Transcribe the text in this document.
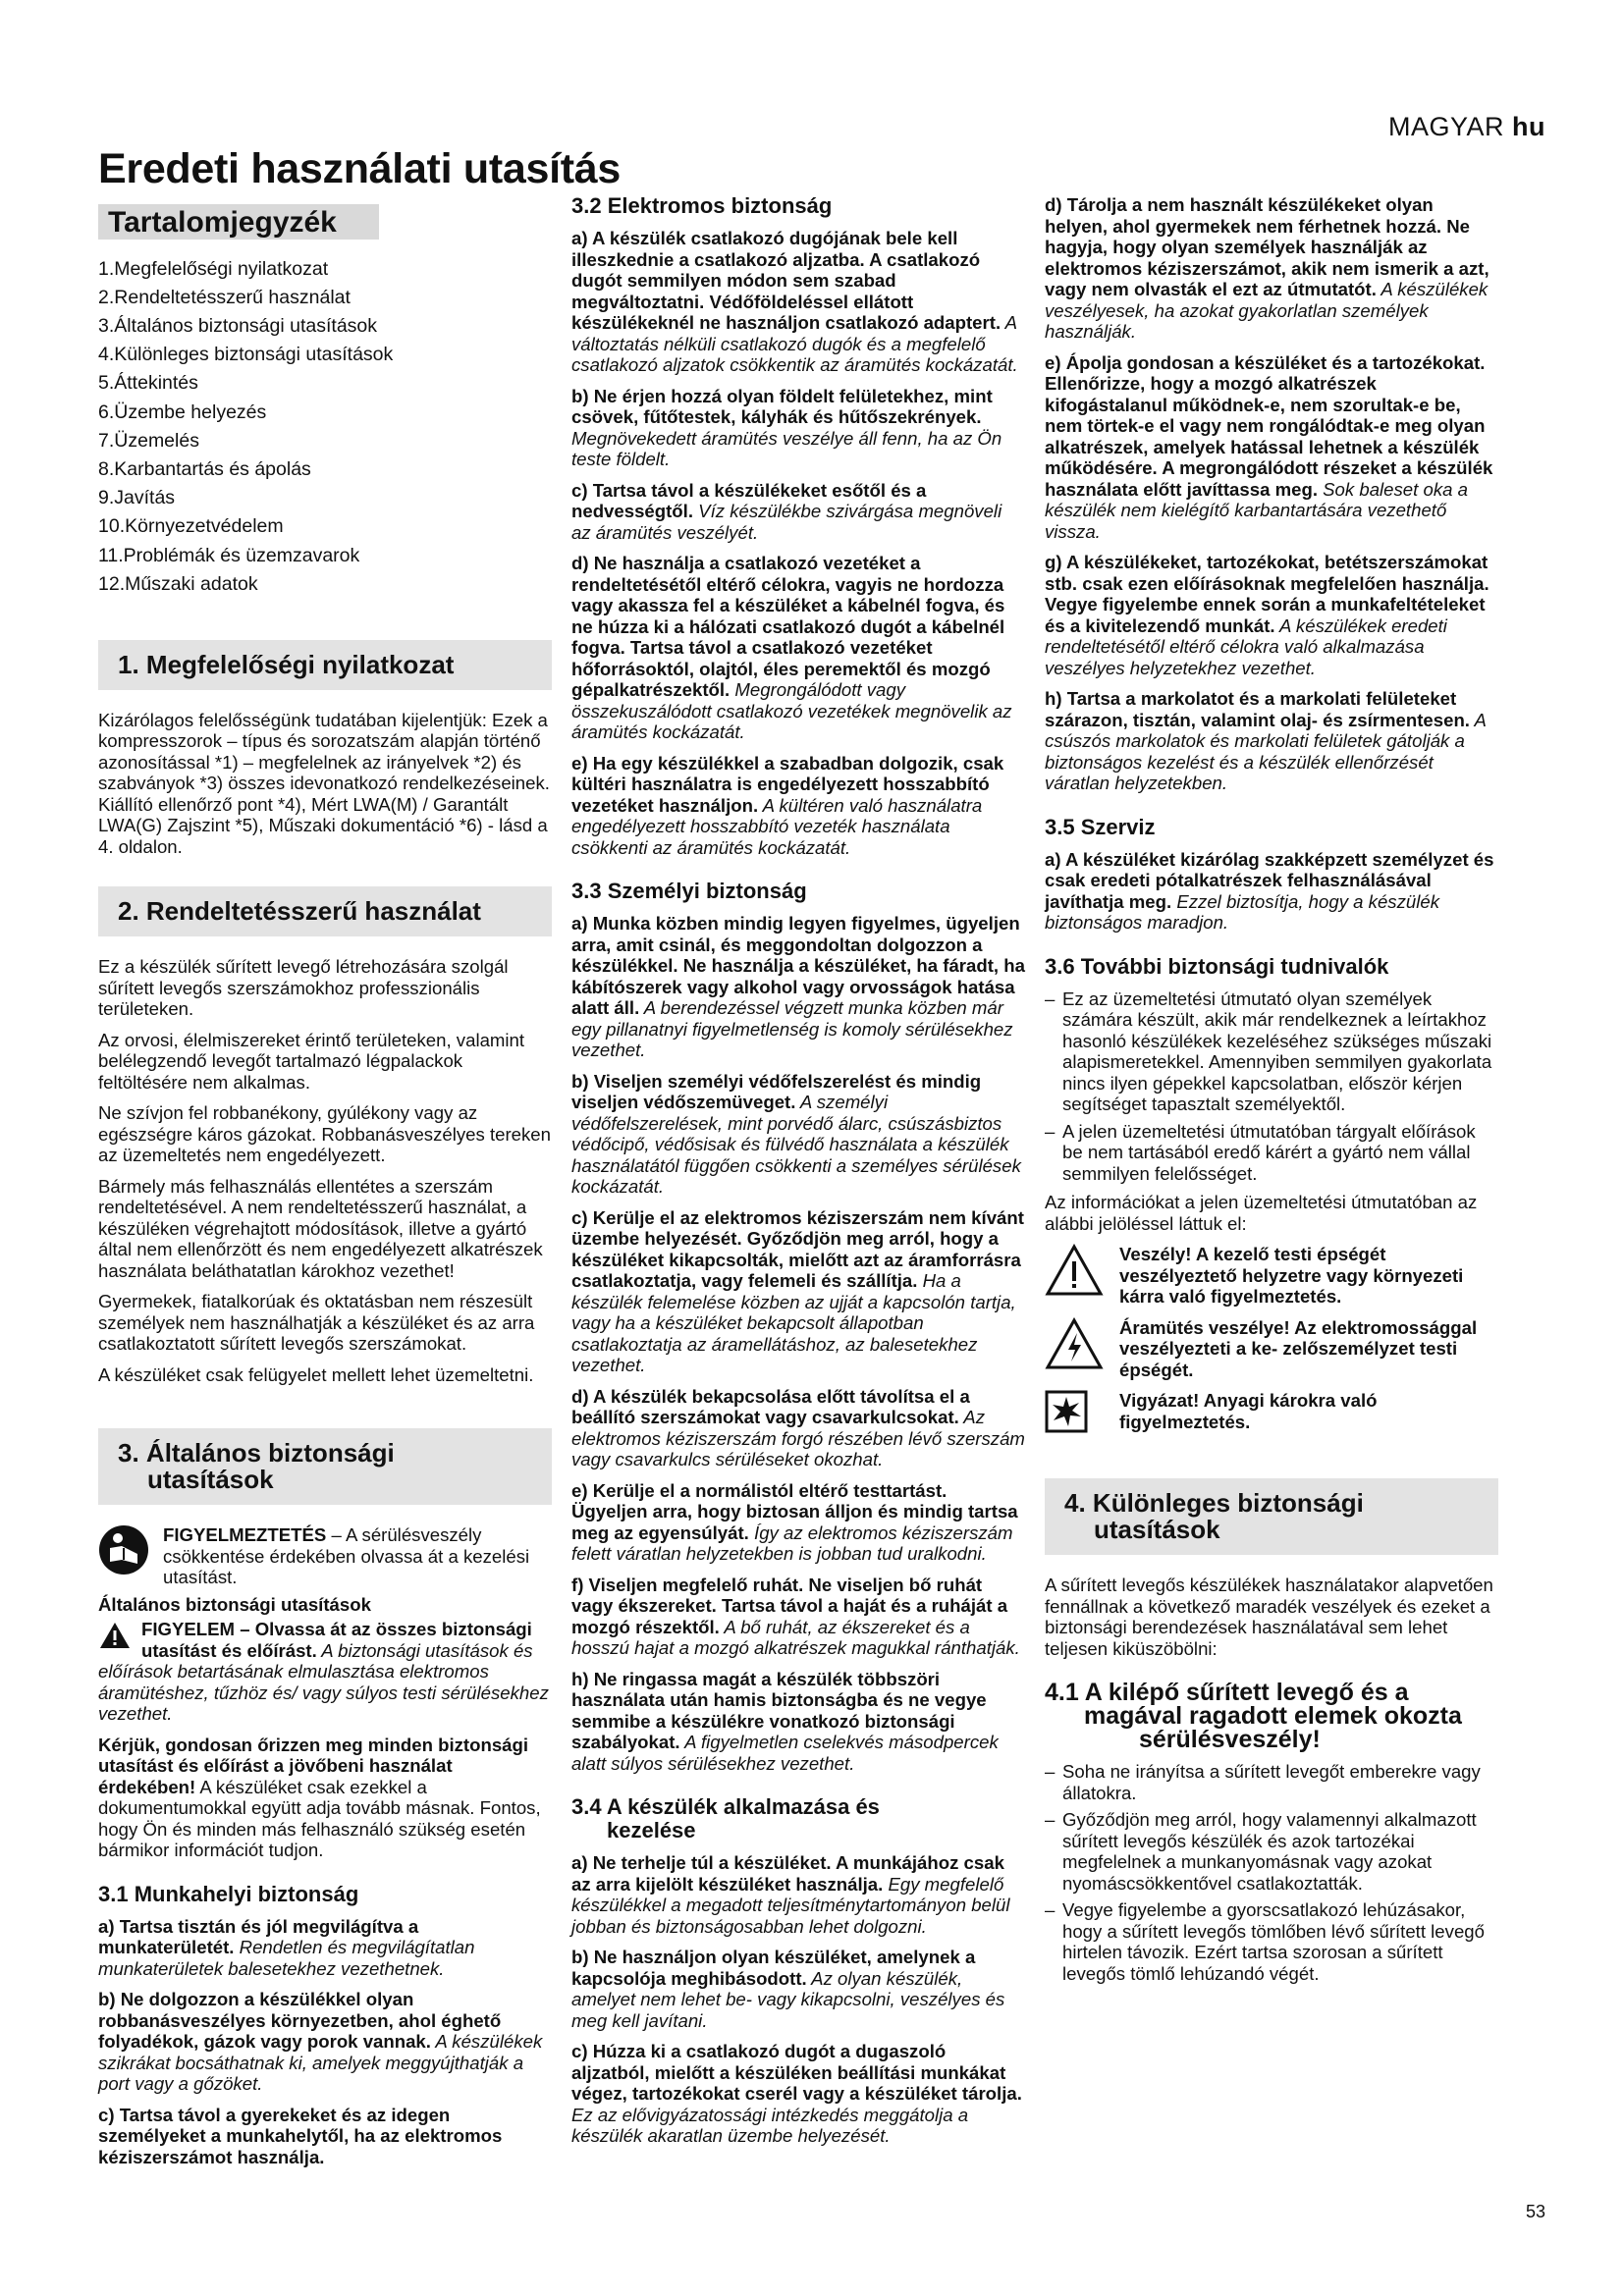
MAGYAR hu
Eredeti használati utasítás
Tartalomjegyzék
1.Megfelelőségi nyilatkozat
2.Rendeltetésszerű használat
3.Általános biztonsági utasítások
4.Különleges biztonsági utasítások
5.Áttekintés
6.Üzembe helyezés
7.Üzemelés
8.Karbantartás és ápolás
9.Javítás
10.Környezetvédelem
11.Problémák és üzemzavarok
12.Műszaki adatok
1. Megfelelőségi nyilatkozat

Kizárólagos felelősségünk tudatában kijelentjük: Ezek a kompresszorok – típus és sorozatszám alapján történő azonosítással *1) – megfelelnek az irányelvek *2) és szabványok *3) összes idevonatkozó rendelkezéseinek. Kiállító ellenőrző pont *4), Mért LWA(M) / Garantált LWA(G) Zajszint *5), Műszaki dokumentáció *6) - lásd a 4. oldalon.

2. Rendeltetésszerű használat

Ez a készülék sűrített levegő létrehozására szolgál sűrített levegős szerszámokhoz professzionális területeken.

Az orvosi, élelmiszereket érintő területeken, valamint belélegzendő levegőt tartalmazó légpalackok feltöltésére nem alkalmas.

Ne szívjon fel robbanékony, gyúlékony vagy az egészségre káros gázokat. Robbanásveszélyes tereken az üzemeltetés nem engedélyezett.

Bármely más felhasználás ellentétes a szerszám rendeltetésével. A nem rendeltetésszerű használat, a készüléken végrehajtott módosítások, illetve a gyártó által nem ellenőrzött és nem engedélyezett alkatrészek használata beláthatatlan károkhoz vezethet!

Gyermekek, fiatalkorúak és oktatásban nem részesült személyek nem használhatják a készüléket és az arra csatlakoztatott sűrített levegős szerszámokat.

A készüléket csak felügyelet mellett lehet üzemeltetni.

3. Általános biztonsági
utasítások
FIGYELMEZTETÉS – A sérülésveszély csökkentése érdekében olvassa át a kezelési utasítást.

Általános biztonsági utasítások

FIGYELEM – Olvassa át az összes biztonsági utasítást és előírást. A biztonsági utasítások és előírások betartásának elmulasztása elektromos áramütéshez, tűzhöz és/ vagy súlyos testi sérülésekhez vezethet.

Kérjük, gondosan őrizzen meg minden biztonsági utasítást és előírást a jövőbeni használat érdekében! A készüléket csak ezekkel a dokumentumokkal együtt adja tovább másnak. Fontos, hogy Ön és minden más felhasználó szükség esetén bármikor információt tudjon.

3.1 Munkahelyi biztonság

a) Tartsa tisztán és jól megvilágítva a munkaterületét. Rendetlen és megvilágítatlan munkaterületek balesetekhez vezethetnek.

b) Ne dolgozzon a készülékkel olyan robbanásveszélyes környezetben, ahol éghető folyadékok, gázok vagy porok vannak. A készülékek szikrákat bocsáthatnak ki, amelyek meggyújthatják a port vagy a gőzöket.

c) Tartsa távol a gyerekeket és az idegen személyeket a munkahelytől, ha az elektromos kéziszerszámot használja.

3.2 Elektromos biztonság

a) A készülék csatlakozó dugójának bele kell illeszkednie a csatlakozó aljzatba. A csatlakozó dugót semmilyen módon sem szabad megváltoztatni. Védőföldeléssel ellátott készülékeknél ne használjon csatlakozó adaptert. A változtatás nélküli csatlakozó dugók és a megfelelő csatlakozó aljzatok csökkentik az áramütés kockázatát.

b) Ne érjen hozzá olyan földelt felületekhez, mint csövek, fűtőtestek, kályhák és hűtőszekrények. Megnövekedett áramütés veszélye áll fenn, ha az Ön teste földelt.

c) Tartsa távol a készülékeket esőtől és a nedvességtől. Víz készülékbe szivárgása megnöveli az áramütés veszélyét.

d) Ne használja a csatlakozó vezetéket a rendeltetésétől eltérő célokra, vagyis ne hordozza vagy akassza fel a készüléket a kábelnél fogva, és ne húzza ki a hálózati csatlakozó dugót a kábelnél fogva. Tartsa távol a csatlakozó vezetéket hőforrásoktól, olajtól, éles peremektől és mozgó gépalkatrészektől. Megrongálódott vagy összekuszálódott csatlakozó vezetékek megnövelik az áramütés kockázatát.

e) Ha egy készülékkel a szabadban dolgozik, csak kültéri használatra is engedélyezett hosszabbító vezetéket használjon. A kültéren való használatra engedélyezett hosszabbító vezeték használata csökkenti az áramütés kockázatát.

3.3 Személyi biztonság

a) Munka közben mindig legyen figyelmes, ügyeljen arra, amit csinál, és meggondoltan dolgozzon a készülékkel. Ne használja a készüléket, ha fáradt, ha kábítószerek vagy alkohol vagy orvosságok hatása alatt áll. A berendezéssel végzett munka közben már egy pillanatnyi figyelmetlenség is komoly sérülésekhez vezethet.

b) Viseljen személyi védőfelszerelést és mindig viseljen védőszemüveget. A személyi védőfelszerelések, mint porvédő álarc, csúszásbiztos védőcipő, védősisak és fülvédő használata a készülék használatától függően csökkenti a személyes sérülések kockázatát.

c) Kerülje el az elektromos kéziszerszám nem kívánt üzembe helyezését. Győződjön meg arról, hogy a készüléket kikapcsolták, mielőtt azt az áramforrásra csatlakoztatja, vagy felemeli és szállítja. Ha a készülék felemelése közben az ujját a kapcsolón tartja, vagy ha a készüléket bekapcsolt állapotban csatlakoztatja az áramellátáshoz, az balesetekhez vezethet.

d) A készülék bekapcsolása előtt távolítsa el a beállító szerszámokat vagy csavarkulcsokat. Az elektromos kéziszerszám forgó részében lévő szerszám vagy csavarkulcs sérüléseket okozhat.

e) Kerülje el a normálistól eltérő testtartást. Ügyeljen arra, hogy biztosan álljon és mindig tartsa meg az egyensúlyát. Így az elektromos kéziszerszám felett váratlan helyzetekben is jobban tud uralkodni.

f) Viseljen megfelelő ruhát. Ne viseljen bő ruhát vagy ékszereket. Tartsa távol a haját és a ruháját a mozgó részektől. A bő ruhát, az ékszereket és a hosszú hajat a mozgó alkatrészek magukkal ránthatják.

h) Ne ringassa magát a készülék többszöri használata után hamis biztonságba és ne vegye semmibe a készülékre vonatkozó biztonsági szabályokat. A figyelmetlen cselekvés másodpercek alatt súlyos sérülésekhez vezethet.

3.4 A készülék alkalmazása és
kezelése

a) Ne terhelje túl a készüléket. A munkájához csak az arra kijelölt készüléket használja. Egy megfelelő készülékkel a megadott teljesítménytartományon belül jobban és biztonságosabban lehet dolgozni.

b) Ne használjon olyan készüléket, amelynek a kapcsolója meghibásodott. Az olyan készülék, amelyet nem lehet be- vagy kikapcsolni, veszélyes és meg kell javítani.

c) Húzza ki a csatlakozó dugót a dugaszoló aljzatból, mielőtt a készüléken beállítási munkákat végez, tartozékokat cserél vagy a készüléket tárolja. Ez az elővigyázatossági intézkedés meggátolja a készülék akaratlan üzembe helyezését.

d) Tárolja a nem használt készülékeket olyan helyen, ahol gyermekek nem férhetnek hozzá. Ne hagyja, hogy olyan személyek használják az elektromos kéziszerszámot, akik nem ismerik a azt, vagy nem olvasták el ezt az útmutatót. A készülékek veszélyesek, ha azokat gyakorlatlan személyek használják.

e) Ápolja gondosan a készüléket és a tartozékokat. Ellenőrizze, hogy a mozgó alkatrészek kifogástalanul működnek-e, nem szorultak-e be, nem törtek-e el vagy nem rongálódtak-e meg olyan alkatrészek, amelyek hatással lehetnek a készülék működésére. A megrongálódott részeket a készülék használata előtt javíttassa meg. Sok baleset oka a készülék nem kielégítő karbantartására vezethető vissza.

g) A készülékeket, tartozékokat, betétszerszámokat stb. csak ezen előírásoknak megfelelően használja. Vegye figyelembe ennek során a munkafeltételeket és a kivitelezendő munkát. A készülékek eredeti rendeltetésétől eltérő célokra való alkalmazása veszélyes helyzetekhez vezethet.

h) Tartsa a markolatot és a markolati felületeket szárazon, tisztán, valamint olaj- és zsírmentesen. A csúszós markolatok és markolati felületek gátolják a biztonságos kezelést és a készülék ellenőrzését váratlan helyzetekben.

3.5 Szerviz

a) A készüléket kizárólag szakképzett személyzet és csak eredeti pótalkatrészek felhasználásával javíthatja meg. Ezzel biztosítja, hogy a készülék biztonságos maradjon.

3.6 További biztonsági tudnivalók
– Ez az üzemeltetési útmutató olyan személyek számára készült, akik már rendelkeznek a leírtakhoz hasonló készülékek kezeléséhez szükséges műszaki alapismeretekkel. Amennyiben semmilyen gyakorlata nincs ilyen gépekkel kapcsolatban, először kérjen segítséget tapasztalt személyektől.
– A jelen üzemeltetési útmutatóban tárgyalt előírások be nem tartásából eredő kárért a gyártó nem vállal semmilyen felelősséget.

Az információkat a jelen üzemeltetési útmutatóban az alábbi jelöléssel láttuk el:

Veszély! A kezelő testi épségét veszélyeztető helyzetre vagy környezeti kárra való figyelmeztetés.
Áramütés veszélye! Az elektromossággal veszélyezteti a ke- zelőszemélyzet testi épségét.
Vigyázat! Anyagi károkra való figyelmeztetés.
4. Különleges biztonsági
utasítások

A sűrített levegős készülékek használatakor alapvetően fennállnak a következő maradék veszélyek és ezeket a biztonsági berendezések használatával sem lehet teljesen kiküszöbölni:

4.1 A kilépő sűrített levegő és a
magával ragadott elemek okozta
sérülésveszély!
– Soha ne irányítsa a sűrített levegőt emberekre vagy állatokra.
– Győződjön meg arról, hogy valamennyi alkalmazott sűrített levegős készülék és azok tartozékai megfelelnek a munkanyomásnak vagy azokat nyomáscsökkentővel csatlakoztatták.
– Vegye figyelembe a gyorscsatlakozó lehúzásakor, hogy a sűrített levegős tömlőben lévő sűrített levegő hirtelen távozik. Ezért tartsa szorosan a sűrített levegős tömlő lehúzandó végét.
53
